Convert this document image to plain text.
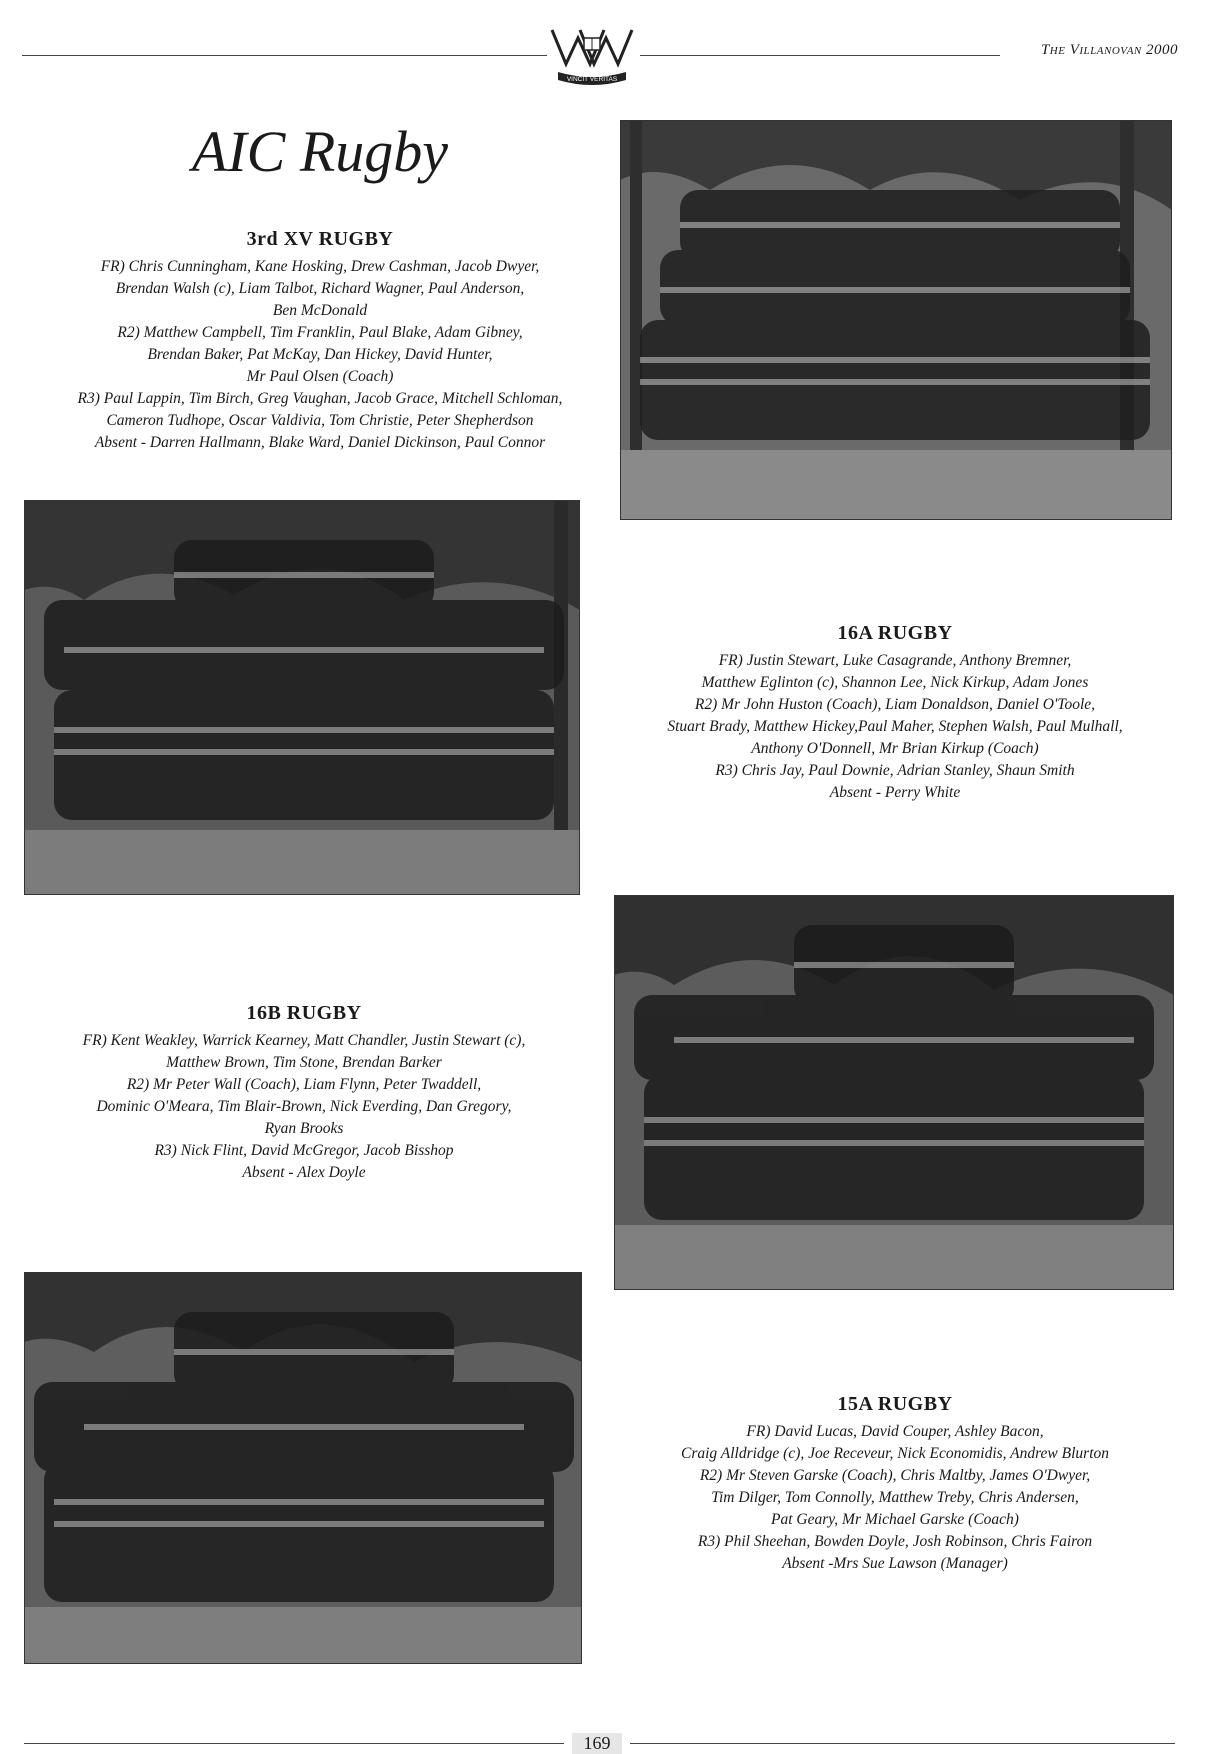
The Villanovan 2000
VINCIT VERITAS
AIC Rugby
3rd XV RUGBY

FR) Chris Cunningham, Kane Hosking, Drew Cashman, Jacob Dwyer,

Brendan Walsh (c), Liam Talbot, Richard Wagner, Paul Anderson,

Ben McDonald

R2) Matthew Campbell, Tim Franklin, Paul Blake, Adam Gibney,

Brendan Baker, Pat McKay, Dan Hickey, David Hunter,

Mr Paul Olsen (Coach)

R3) Paul Lappin, Tim Birch, Greg Vaughan, Jacob Grace, Mitchell Schloman,

Cameron Tudhope, Oscar Valdivia, Tom Christie, Peter Shepherdson

Absent - Darren Hallmann, Blake Ward, Daniel Dickinson, Paul Connor

16A RUGBY

FR) Justin Stewart, Luke Casagrande, Anthony Bremner,

Matthew Eglinton (c), Shannon Lee, Nick Kirkup, Adam Jones

R2) Mr John Huston (Coach), Liam Donaldson, Daniel O'Toole,

Stuart Brady, Matthew Hickey,Paul Maher, Stephen Walsh, Paul Mulhall,

Anthony O'Donnell, Mr Brian Kirkup (Coach)

R3) Chris Jay, Paul Downie, Adrian Stanley, Shaun Smith

Absent - Perry White

16B RUGBY

FR) Kent Weakley, Warrick Kearney, Matt Chandler, Justin Stewart (c),

Matthew Brown, Tim Stone, Brendan Barker

R2) Mr Peter Wall (Coach), Liam Flynn, Peter Twaddell,

Dominic O'Meara, Tim Blair-Brown, Nick Everding, Dan Gregory,

Ryan Brooks

R3) Nick Flint, David McGregor, Jacob Bisshop

Absent - Alex Doyle

15A RUGBY

FR) David Lucas, David Couper, Ashley Bacon,

Craig Alldridge (c), Joe Receveur, Nick Economidis, Andrew Blurton

R2) Mr Steven Garske (Coach), Chris Maltby, James O'Dwyer,

Tim Dilger, Tom Connolly, Matthew Treby, Chris Andersen,

Pat Geary, Mr Michael Garske (Coach)

R3) Phil Sheehan, Bowden Doyle, Josh Robinson, Chris Fairon

Absent -Mrs Sue Lawson (Manager)

169
